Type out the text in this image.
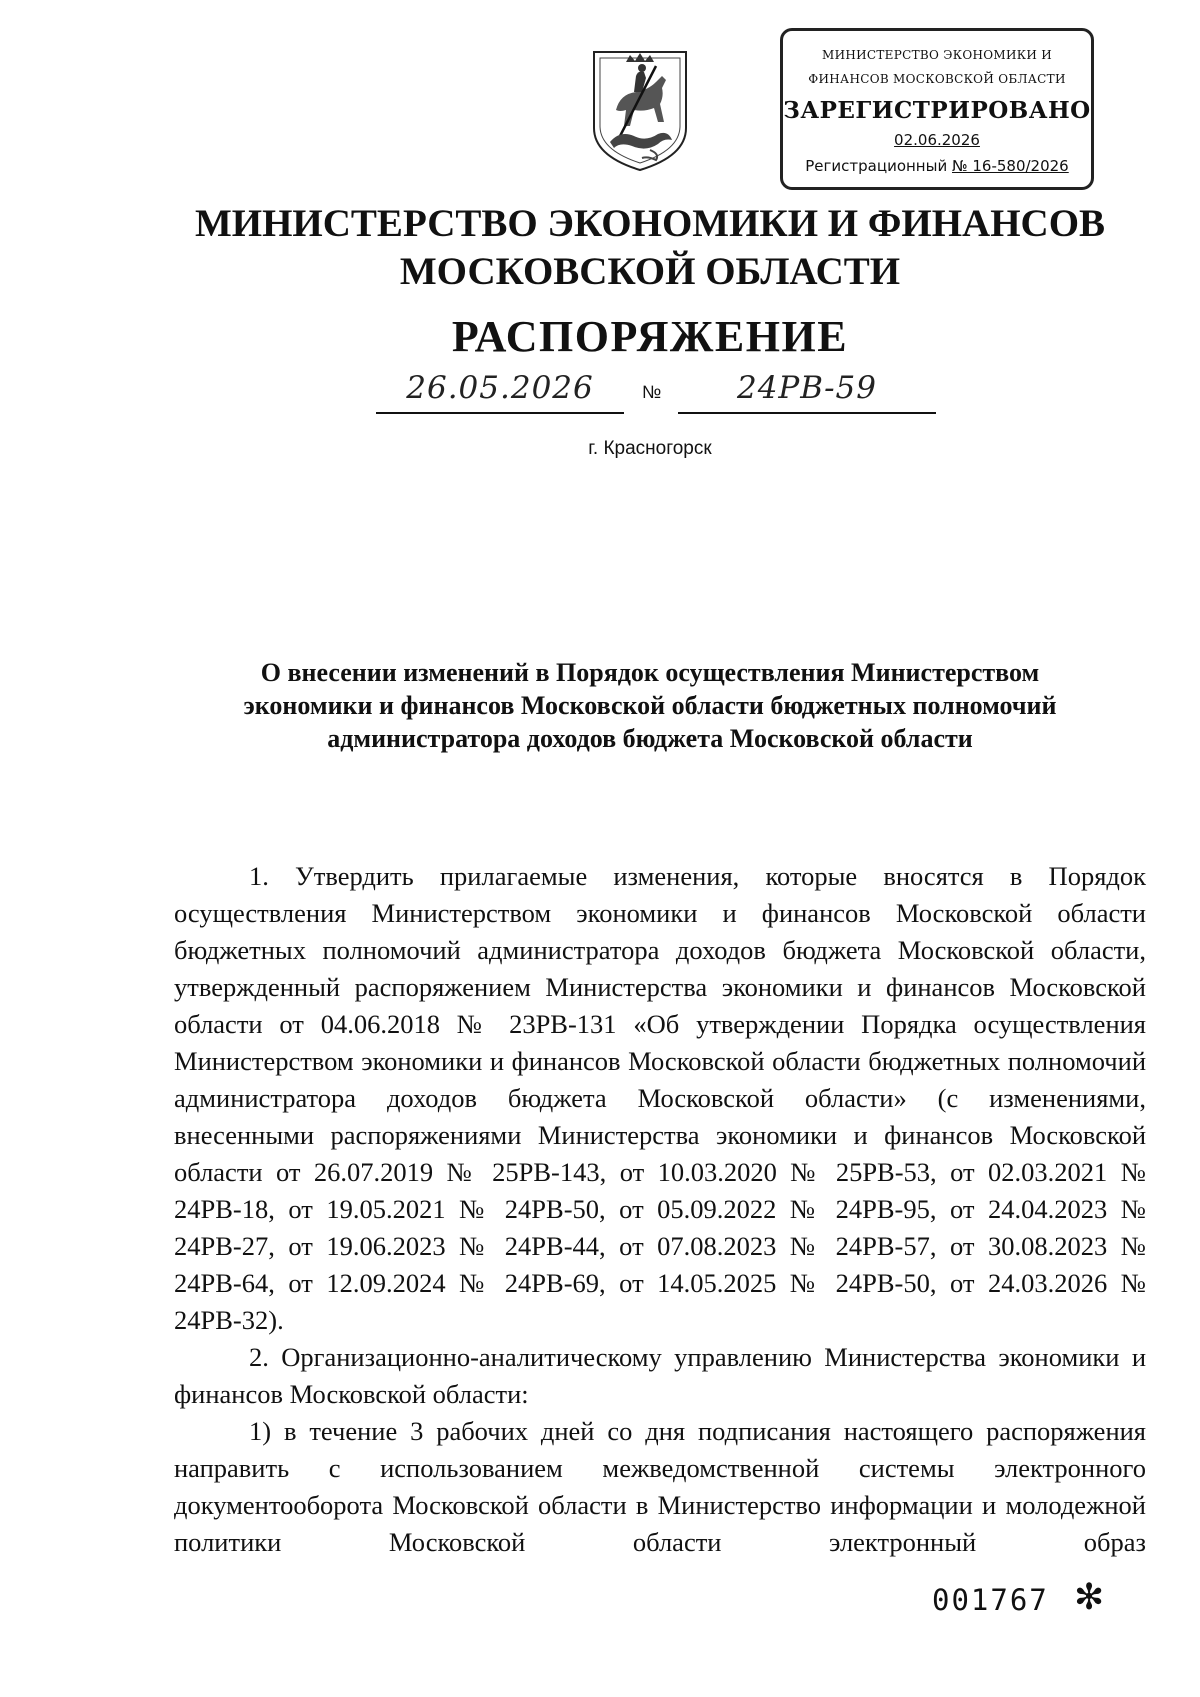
МИНИСТЕРСТВО ЭКОНОМИКИ И
ФИНАНСОВ МОСКОВСКОЙ ОБЛАСТИ
ЗАРЕГИСТРИРОВАНО
02.06.2026
Регистрационный № 16-580/2026
МИНИСТЕРСТВО ЭКОНОМИКИ И ФИНАНСОВ
МОСКОВСКОЙ ОБЛАСТИ
РАСПОРЯЖЕНИЕ
26.05.2026	№	24РВ-59
г. Красногорск
О внесении изменений в Порядок осуществления Министерством
экономики и финансов Московской области бюджетных полномочий
администратора доходов бюджета Московской области

1. Утвердить прилагаемые изменения, которые вносятся в Порядок осуществления Министерством экономики и финансов Московской области бюджетных полномочий администратора доходов бюджета Московской области, утвержденный распоряжением Министерства экономики и финансов Московской области от 04.06.2018 № 23РВ-131 «Об утверждении Порядка осуществления Министерством экономики и финансов Московской области бюджетных полномочий администратора доходов бюджета Московской области» (с изменениями, внесенными распоряжениями Министерства экономики и финансов Московской области от 26.07.2019 № 25РВ-143, от 10.03.2020 № 25РВ-53, от 02.03.2021 № 24РВ-18, от 19.05.2021 № 24РВ-50, от 05.09.2022 № 24РВ-95, от 24.04.2023 № 24РВ-27, от 19.06.2023 № 24РВ-44, от 07.08.2023 № 24РВ-57, от 30.08.2023 № 24РВ-64, от 12.09.2024 № 24РВ-69, от 14.05.2025 № 24РВ-50, от 24.03.2026 № 24РВ-32).

2. Организационно-аналитическому управлению Министерства экономики и финансов Московской области:

1) в течение 3 рабочих дней со дня подписания настоящего распоряжения направить с использованием межведомственной системы электронного документооборота Московской области в Министерство информации и молодежной политики Московской области электронный образ

001767 ✻
